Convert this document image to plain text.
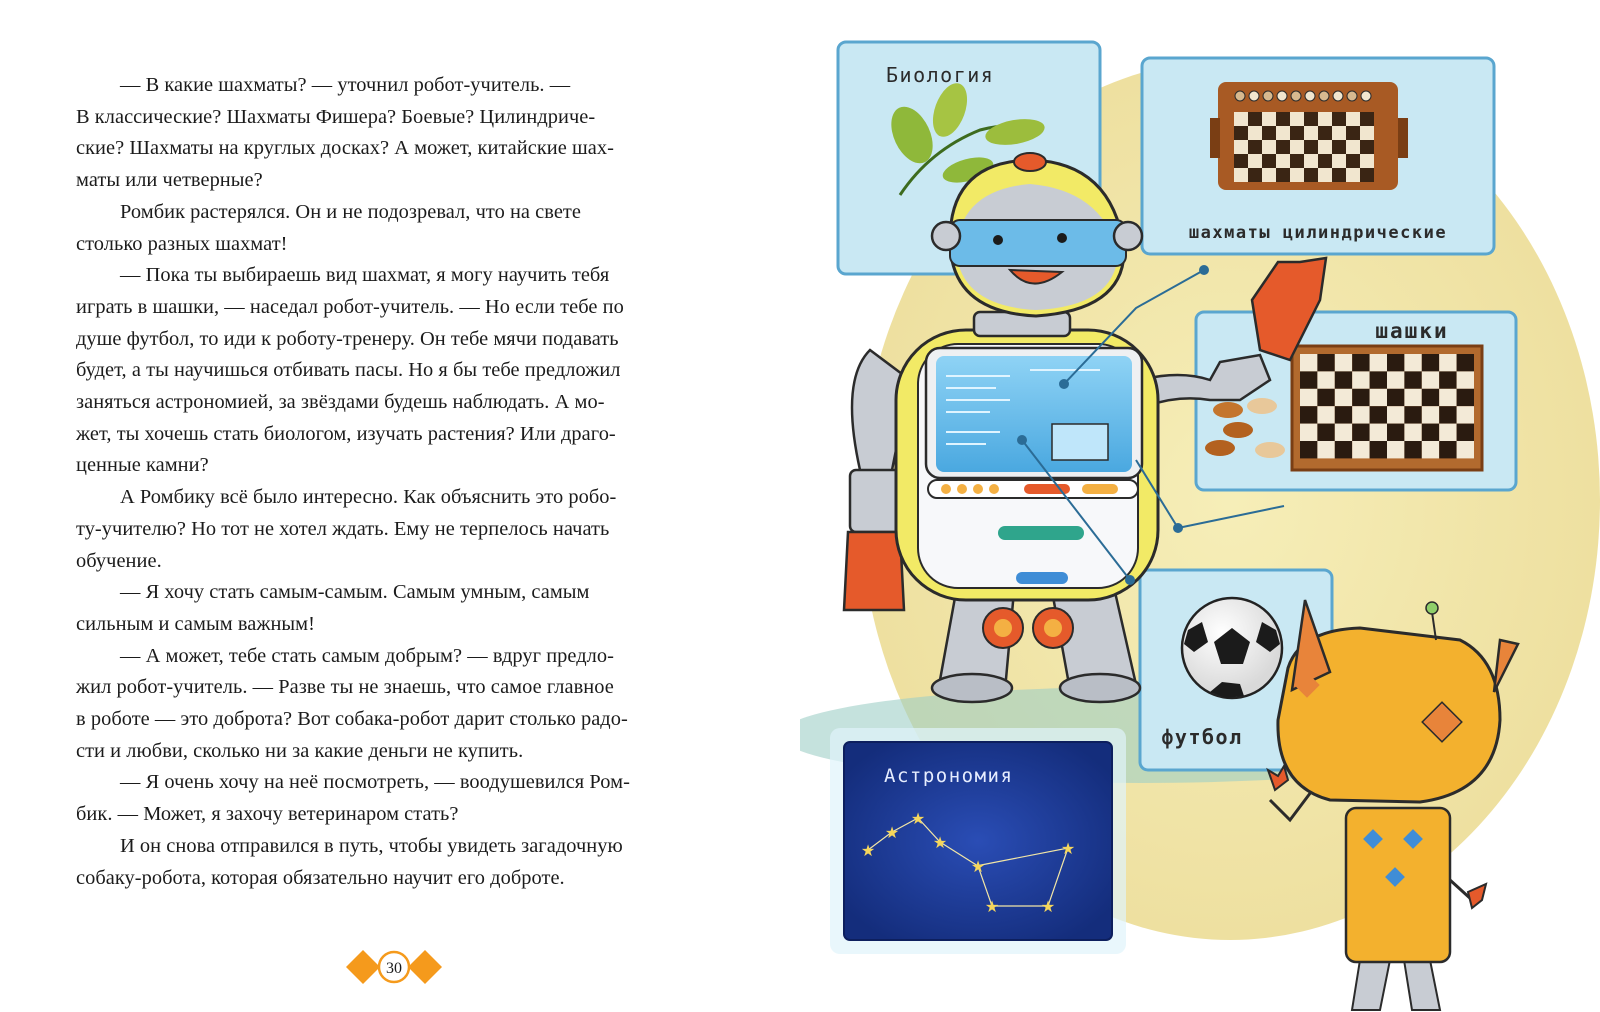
— В какие шахматы? — уточнил робот-учитель. —
В классические? Шахматы Фишера? Боевые? Цилиндриче-
ские? Шахматы на круглых досках? А может, китайские шах-
маты или четверные?
Ромбик растерялся. Он и не подозревал, что на свете
столько разных шахмат!
— Пока ты выбираешь вид шахмат, я могу научить тебя
играть в шашки, — наседал робот-учитель. — Но если тебе по
душе футбол, то иди к роботу-тренеру. Он тебе мячи подавать
будет, а ты научишься отбивать пасы. Но я бы тебе предложил
заняться астрономией, за звёздами будешь наблюдать. А мо-
жет, ты хочешь стать биологом, изучать растения? Или драго-
ценные камни?
А Ромбику всё было интересно. Как объяснить это робо-
ту-учителю? Но тот не хотел ждать. Ему не терпелось начать
обучение.
— Я хочу стать самым-самым. Самым умным, самым
сильным и самым важным!
— А может, тебе стать самым добрым? — вдруг предло-
жил робот-учитель. — Разве ты не знаешь, что самое главное
в роботе — это доброта? Вот собака-робот дарит столько радо-
сти и любви, сколько ни за какие деньги не купить.
— Я очень хочу на неё посмотреть, — воодушевился Ром-
бик. — Может, я захочу ветеринаром стать?
И он снова отправился в путь, чтобы увидеть загадочную
собаку-робота, которая обязательно научит его доброте.
30
Биология
шахматы цилиндрические
шашки
футбол
Астрономия
★
★
★
★
★
★	★
★
